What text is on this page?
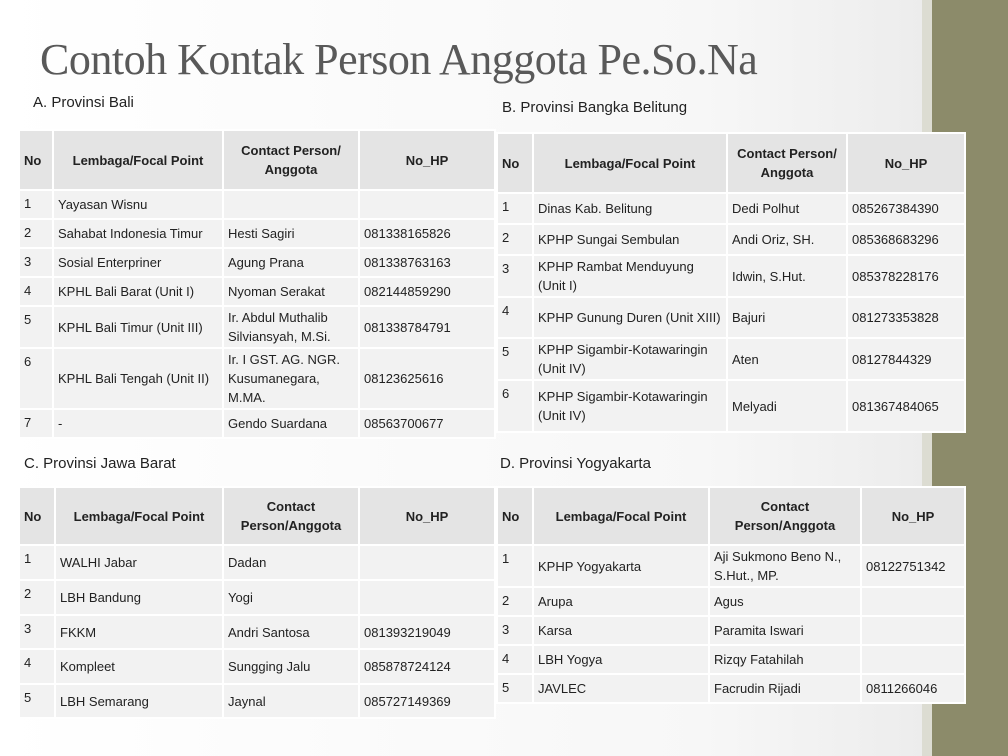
Contoh Kontak Person Anggota Pe.So.Na
A. Provinsi Bali	B. Provinsi Bangka Belitung
C. Provinsi Jawa Barat	D. Provinsi Yogyakarta
No	Lembaga/Focal Point	Contact Person/ Anggota	No_HP
1	Yayasan Wisnu		
2	Sahabat Indonesia Timur	Hesti Sagiri	081338165826
3	Sosial Enterpriner	Agung Prana	081338763163
4	KPHL Bali Barat (Unit I)	Nyoman Serakat	082144859290
5	KPHL Bali Timur (Unit III)	Ir. Abdul Muthalib Silviansyah, M.Si.	081338784791
6	KPHL Bali Tengah (Unit II)	Ir. I GST. AG. NGR. Kusumanegara, M.MA.	08123625616
7	-	Gendo Suardana	08563700677
No	Lembaga/Focal Point	Contact Person/ Anggota	No_HP
1	Dinas Kab. Belitung	Dedi Polhut	085267384390
2	KPHP Sungai Sembulan	Andi Oriz, SH.	085368683296
3	KPHP Rambat Menduyung (Unit I)	Idwin, S.Hut.	085378228176
4	KPHP Gunung Duren (Unit XIII)	Bajuri	081273353828
5	KPHP Sigambir-Kotawaringin (Unit IV)	Aten	08127844329
6	KPHP Sigambir-Kotawaringin (Unit IV)	Melyadi	081367484065
No	Lembaga/Focal Point	Contact Person/Anggota	No_HP
1	WALHI Jabar	Dadan	
2	LBH Bandung	Yogi	
3	FKKM	Andri Santosa	081393219049
4	Kompleet	Sungging Jalu	085878724124
5	LBH Semarang	Jaynal	085727149369
No	Lembaga/Focal Point	Contact Person/Anggota	No_HP
1	KPHP Yogyakarta	Aji Sukmono Beno N., S.Hut., MP.	08122751342
2	Arupa	Agus	
3	Karsa	Paramita Iswari	
4	LBH Yogya	Rizqy Fatahilah	
5	JAVLEC	Facrudin Rijadi	0811266046
